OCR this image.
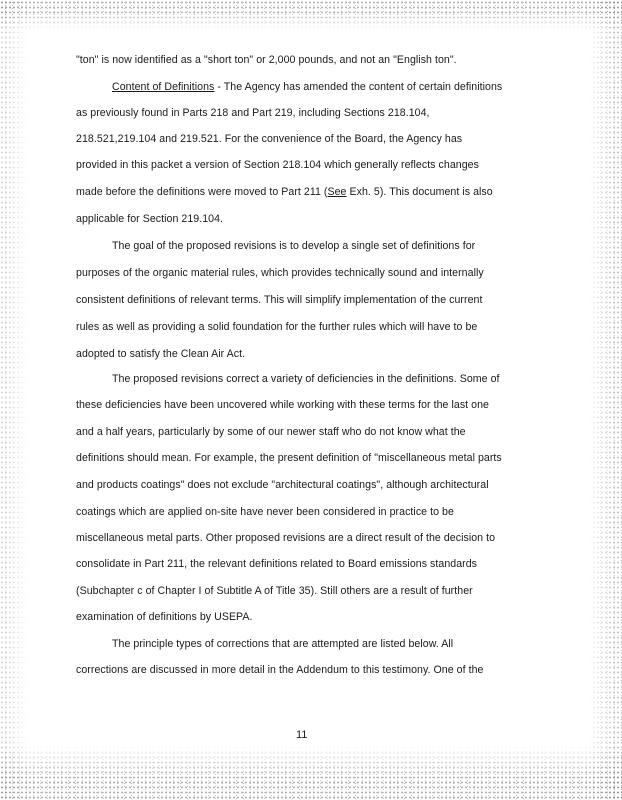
"ton" is now identified as a "short ton" or 2,000 pounds, and not an "English ton".
Content of Definitions - The Agency has amended the content of certain definitions
as previously found in Parts 218 and Part 219, including Sections 218.104,
218.521,219.104 and 219.521. For the convenience of the Board, the Agency has
provided in this packet a version of Section 218.104 which generally reflects changes
made before the definitions were moved to Part 211 (See Exh. 5). This document is also
applicable for Section 219.104.
The goal of the proposed revisions is to develop a single set of definitions for
purposes of the organic material rules, which provides technically sound and internally
consistent definitions of relevant terms. This will simplify implementation of the current
rules as well as providing a solid foundation for the further rules which will have to be
adopted to satisfy the Clean Air Act.
The proposed revisions correct a variety of deficiencies in the definitions. Some of
these deficiencies have been uncovered while working with these terms for the last one
and a half years, particularly by some of our newer staff who do not know what the
definitions should mean. For example, the present definition of "miscellaneous metal parts
and products coatings" does not exclude "architectural coatings", although architectural
coatings which are applied on-site have never been considered in practice to be
miscellaneous metal parts. Other proposed revisions are a direct result of the decision to
consolidate in Part 211, the relevant definitions related to Board emissions standards
(Subchapter c of Chapter I of Subtitle A of Title 35). Still others are a result of further
examination of definitions by USEPA.
The principle types of corrections that are attempted are listed below. All
corrections are discussed in more detail in the Addendum to this testimony. One of the
11
